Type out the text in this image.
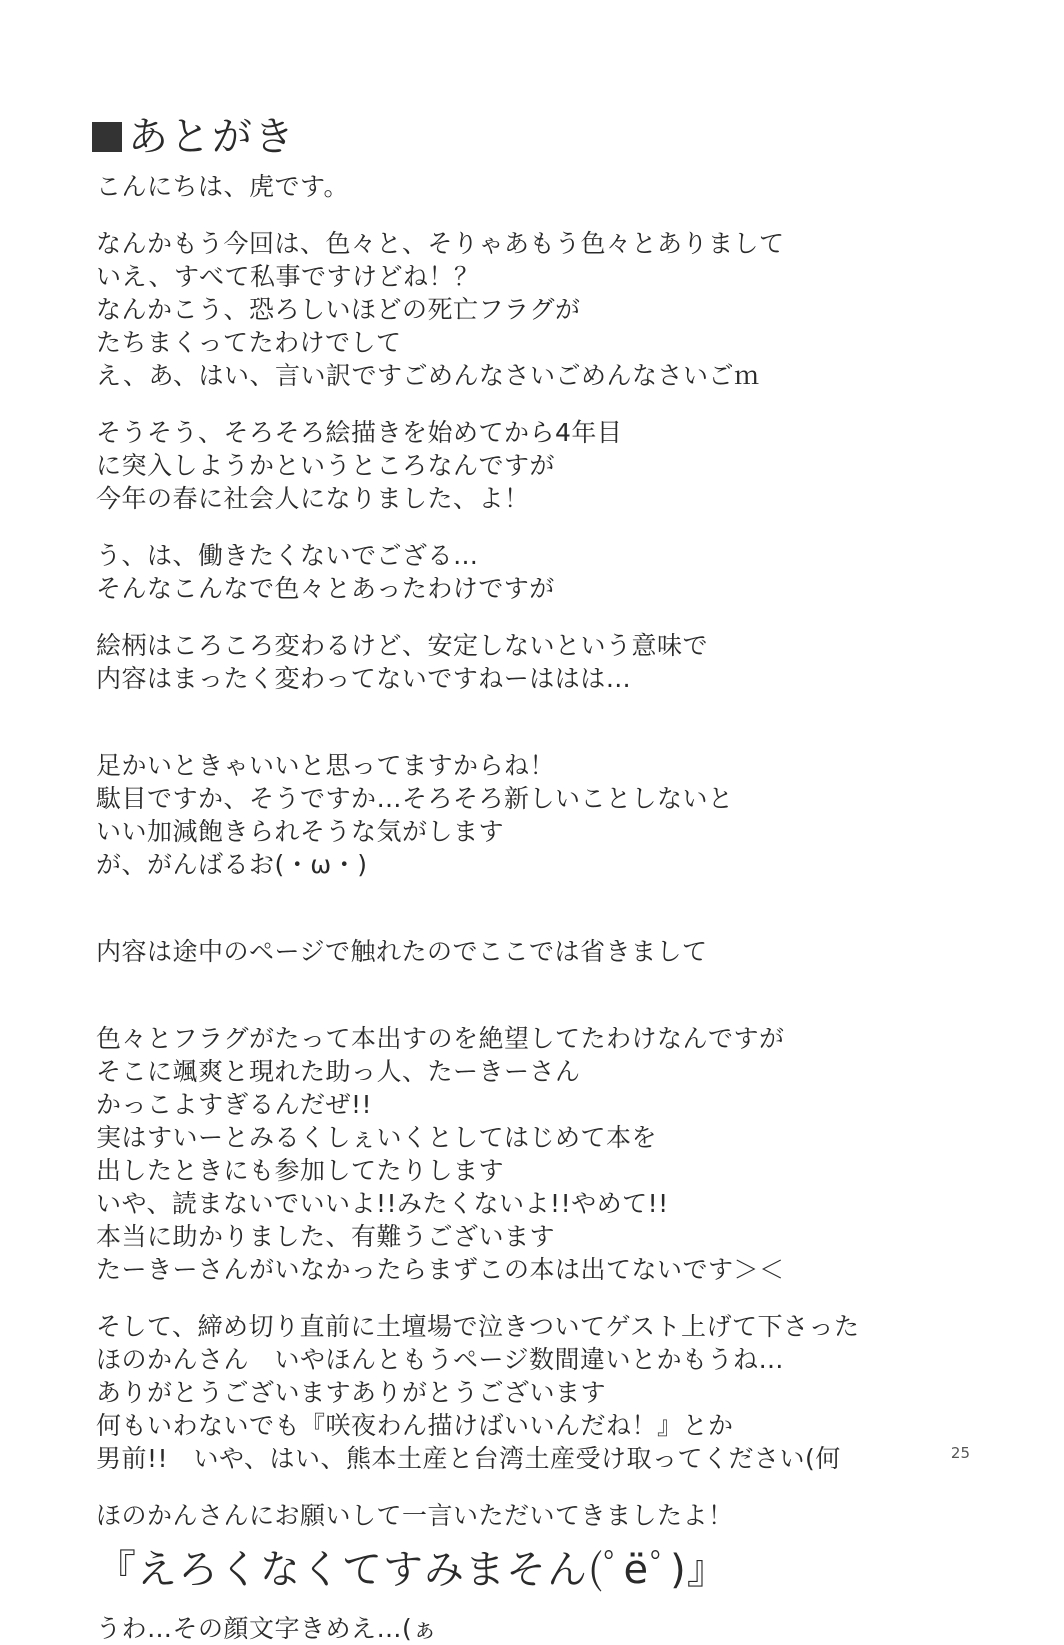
あとがき
こんにちは、虎です。
なんかもう今回は、色々と、そりゃあもう色々とありまして
いえ、すべて私事ですけどね！？
なんかこう、恐ろしいほどの死亡フラグが
たちまくってたわけでして
え、あ、はい、言い訳ですごめんなさいごめんなさいごｍ
そうそう、そろそろ絵描きを始めてから4年目
に突入しようかというところなんですが
今年の春に社会人になりました、よ！
う、は、働きたくないでござる…
そんなこんなで色々とあったわけですが
絵柄はころころ変わるけど、安定しないという意味で
内容はまったく変わってないですねーははは…
足かいときゃいいと思ってますからね！
駄目ですか、そうですか…そろそろ新しいことしないと
いい加減飽きられそうな気がします
が、がんばるお(・ω・)
内容は途中のページで触れたのでここでは省きまして
色々とフラグがたって本出すのを絶望してたわけなんですが
そこに颯爽と現れた助っ人、たーきーさん
かっこよすぎるんだぜ!!
実はすいーとみるくしぇいくとしてはじめて本を
出したときにも参加してたりします
いや、読まないでいいよ!!みたくないよ!!やめて!!
本当に助かりました、有難うございます
たーきーさんがいなかったらまずこの本は出てないです＞＜
そして、締め切り直前に土壇場で泣きついてゲスト上げて下さった
ほのかんさん　いやほんともうページ数間違いとかもうね…
ありがとうございますありがとうございます
何もいわないでも『咲夜わん描けばいいんだね！』とか
男前!!　いや、はい、熊本土産と台湾土産受け取ってください(何
ほのかんさんにお願いして一言いただいてきましたよ！
『えろくなくてすみまそん(ﾟёﾟ)』
うわ…その顔文字きめえ…(ぁ
25
